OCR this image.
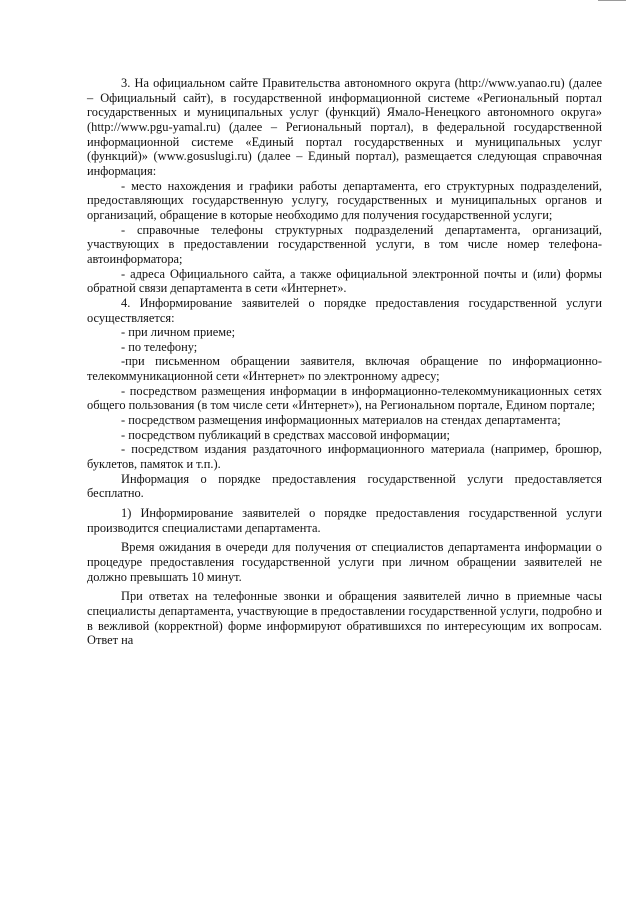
3. На официальном сайте Правительства автономного округа (http://www.yanao.ru) (далее – Официальный сайт), в государственной информационной системе «Региональный портал государственных и муниципальных услуг (функций) Ямало-Ненецкого автономного округа» (http://www.pgu-yamal.ru) (далее – Региональный портал), в федеральной государственной информационной системе «Единый портал государственных и муниципальных услуг (функций)» (www.gosuslugi.ru) (далее – Единый портал), размещается следующая справочная информация:

- место нахождения и графики работы департамента, его структурных подразделений, предоставляющих государственную услугу, государственных и муниципальных органов и организаций, обращение в которые необходимо для получения государственной услуги;

- справочные телефоны структурных подразделений департамента, организаций, участвующих в предоставлении государственной услуги, в том числе номер телефона-автоинформатора;

- адреса Официального сайта, а также официальной электронной почты и (или) формы обратной связи департамента в сети «Интернет».

4. Информирование заявителей о порядке предоставления государственной услуги осуществляется:

- при личном приеме;

- по телефону;

-при письменном обращении заявителя, включая обращение по информационно-телекоммуникационной сети «Интернет» по электронному адресу;

- посредством размещения информации в информационно-телекоммуникационных сетях общего пользования (в том числе сети «Интернет»), на Региональном портале, Едином портале;

- посредством размещения информационных материалов на стендах департамента;

- посредством публикаций в средствах массовой информации;

- посредством издания раздаточного информационного материала (например, брошюр, буклетов, памяток и т.п.).

Информация о порядке предоставления государственной услуги предоставляется бесплатно.

1) Информирование заявителей о порядке предоставления государственной услуги производится специалистами департамента.

Время ожидания в очереди для получения от специалистов департамента информации о процедуре предоставления государственной услуги при личном обращении заявителей не должно превышать 10 минут.

При ответах на телефонные звонки и обращения заявителей лично в приемные часы специалисты департамента, участвующие в предоставлении государственной услуги, подробно и в вежливой (корректной) форме информируют обратившихся по интересующим их вопросам. Ответ на
